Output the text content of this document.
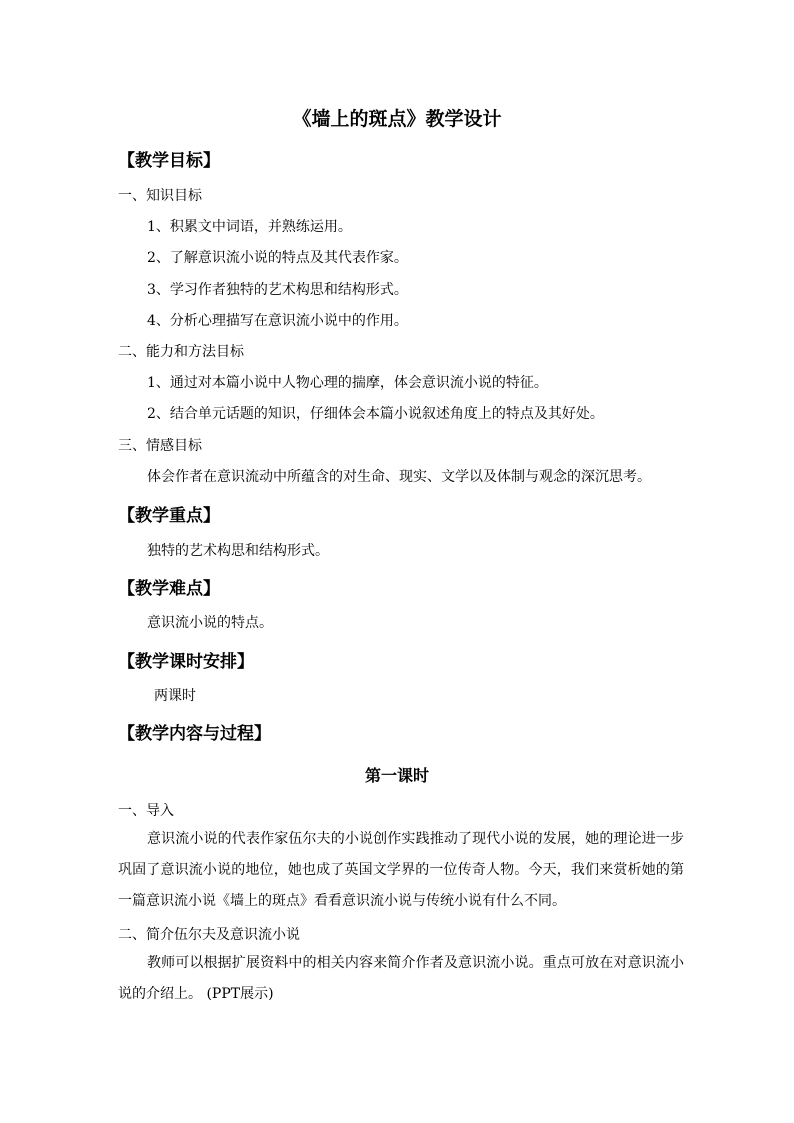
《墙上的斑点》教学设计
【教学目标】
一、知识目标
1、积累文中词语，并熟练运用。
2、了解意识流小说的特点及其代表作家。
3、学习作者独特的艺术构思和结构形式。
4、分析心理描写在意识流小说中的作用。
二、能力和方法目标
1、通过对本篇小说中人物心理的揣摩，体会意识流小说的特征。
2、结合单元话题的知识，仔细体会本篇小说叙述角度上的特点及其好处。
三、情感目标
体会作者在意识流动中所蕴含的对生命、现实、文学以及体制与观念的深沉思考。
【教学重点】
独特的艺术构思和结构形式。
【教学难点】
意识流小说的特点。
【教学课时安排】
两课时
【教学内容与过程】
第一课时
一、导入
意识流小说的代表作家伍尔夫的小说创作实践推动了现代小说的发展，她的理论进一步巩固了意识流小说的地位，她也成了英国文学界的一位传奇人物。今天，我们来赏析她的第一篇意识流小说《墙上的斑点》看看意识流小说与传统小说有什么不同。
二、简介伍尔夫及意识流小说
教师可以根据扩展资料中的相关内容来简介作者及意识流小说。重点可放在对意识流小说的介绍上。 (PPT展示)
